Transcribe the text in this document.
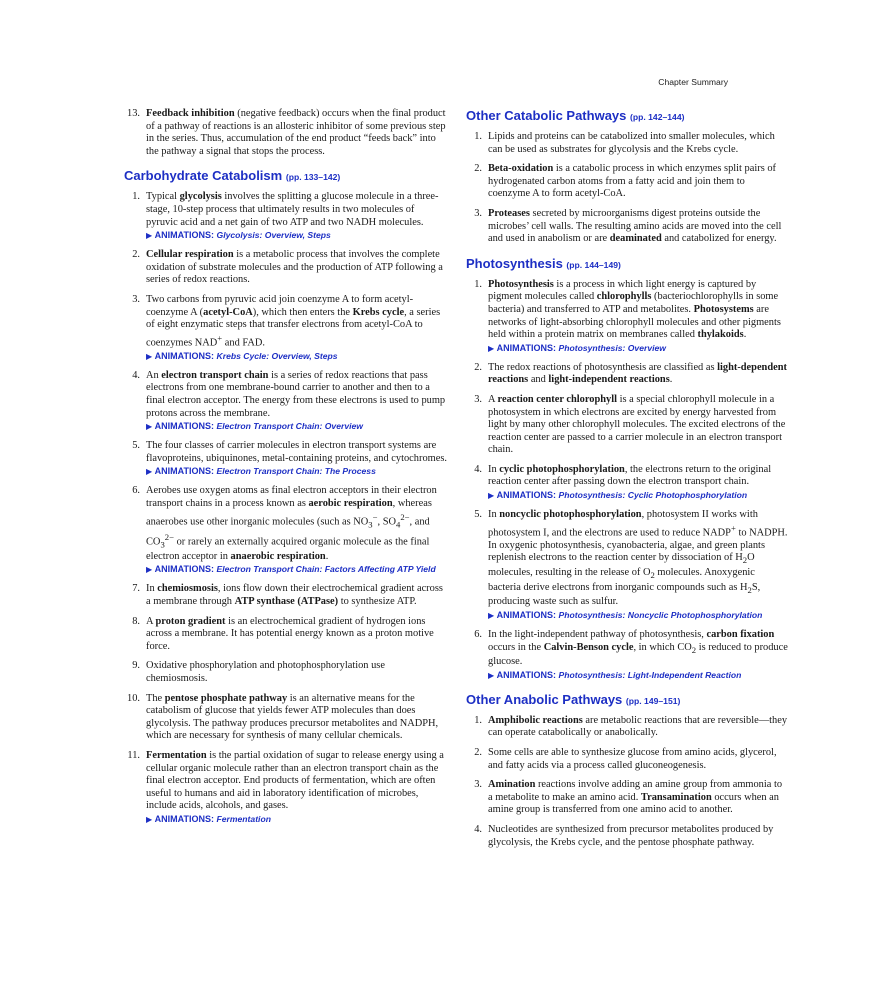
Chapter Summary
13. Feedback inhibition (negative feedback) occurs when the final product of a pathway of reactions is an allosteric inhibitor of some previous step in the series. Thus, accumulation of the end product “feeds back” into the pathway a signal that stops the process.
Carbohydrate Catabolism (pp. 133–142)
1. Typical glycolysis involves the splitting a glucose molecule in a three-stage, 10-step process that ultimately results in two molecules of pyruvic acid and a net gain of two ATP and two NADH molecules.
▶ ANIMATIONS: Glycolysis: Overview, Steps
2. Cellular respiration is a metabolic process that involves the complete oxidation of substrate molecules and the production of ATP following a series of redox reactions.
3. Two carbons from pyruvic acid join coenzyme A to form acetyl-coenzyme A (acetyl-CoA), which then enters the Krebs cycle, a series of eight enzymatic steps that transfer electrons from acetyl-CoA to coenzymes NAD+ and FAD.
▶ ANIMATIONS: Krebs Cycle: Overview, Steps
4. An electron transport chain is a series of redox reactions that pass electrons from one membrane-bound carrier to another and then to a final electron acceptor. The energy from these electrons is used to pump protons across the membrane.
▶ ANIMATIONS: Electron Transport Chain: Overview
5. The four classes of carrier molecules in electron transport systems are flavoproteins, ubiquinones, metal-containing proteins, and cytochromes.
▶ ANIMATIONS: Electron Transport Chain: The Process
6. Aerobes use oxygen atoms as final electron acceptors in their electron transport chains in a process known as aerobic respiration, whereas anaerobes use other inorganic molecules (such as $NO_3^-$, $SO_4^{2-}$, and $CO_3^{2-}$ or rarely an externally acquired organic molecule as the final electron acceptor in anaerobic respiration.
▶ ANIMATIONS: Electron Transport Chain: Factors Affecting ATP Yield
7. In chemiosmosis, ions flow down their electrochemical gradient across a membrane through ATP synthase (ATPase) to synthesize ATP.
8. A proton gradient is an electrochemical gradient of hydrogen ions across a membrane. It has potential energy known as a proton motive force.
9. Oxidative phosphorylation and photophosphorylation use chemiosmosis.
10. The pentose phosphate pathway is an alternative means for the catabolism of glucose that yields fewer ATP molecules than does glycolysis. The pathway produces precursor metabolites and NADPH, which are necessary for synthesis of many cellular chemicals.
11. Fermentation is the partial oxidation of sugar to release energy using a cellular organic molecule rather than an electron transport chain as the final electron acceptor. End products of fermentation, which are often useful to humans and aid in laboratory identification of microbes, include acids, alcohols, and gases.
▶ ANIMATIONS: Fermentation
Other Catabolic Pathways (pp. 142–144)
1. Lipids and proteins can be catabolized into smaller molecules, which can be used as substrates for glycolysis and the Krebs cycle.
2. Beta-oxidation is a catabolic process in which enzymes split pairs of hydrogenated carbon atoms from a fatty acid and join them to coenzyme A to form acetyl-CoA.
3. Proteases secreted by microorganisms digest proteins outside the microbes’ cell walls. The resulting amino acids are moved into the cell and used in anabolism or are deaminated and catabolized for energy.
Photosynthesis (pp. 144–149)
1. Photosynthesis is a process in which light energy is captured by pigment molecules called chlorophylls (bacteriochlorophylls in some bacteria) and transferred to ATP and metabolites. Photosystems are networks of light-absorbing chlorophyll molecules and other pigments held within a protein matrix on membranes called thylakoids.
▶ ANIMATIONS: Photosynthesis: Overview
2. The redox reactions of photosynthesis are classified as light-dependent reactions and light-independent reactions.
3. A reaction center chlorophyll is a special chlorophyll molecule in a photosystem in which electrons are excited by energy harvested from light by many other chlorophyll molecules. The excited electrons of the reaction center are passed to a carrier molecule in an electron transport chain.
4. In cyclic photophosphorylation, the electrons return to the original reaction center after passing down the electron transport chain.
▶ ANIMATIONS: Photosynthesis: Cyclic Photophosphorylation
5. In noncyclic photophosphorylation, photosystem II works with photosystem I, and the electrons are used to reduce NADP+ to NADPH. In oxygenic photosynthesis, cyanobacteria, algae, and green plants replenish electrons to the reaction center by dissociation of $H_2O$ molecules, resulting in the release of $O_2$ molecules. Anoxygenic bacteria derive electrons from inorganic compounds such as $H_2S$, producing waste such as sulfur.
▶ ANIMATIONS: Photosynthesis: Noncyclic Photophosphorylation
6. In the light-independent pathway of photosynthesis, carbon fixation occurs in the Calvin-Benson cycle, in which $CO_2$ is reduced to produce glucose.
▶ ANIMATIONS: Photosynthesis: Light-Independent Reaction
Other Anabolic Pathways (pp. 149–151)
1. Amphibolic reactions are metabolic reactions that are reversible—they can operate catabolically or anabolically.
2. Some cells are able to synthesize glucose from amino acids, glycerol, and fatty acids via a process called gluconeogenesis.
3. Amination reactions involve adding an amine group from ammonia to a metabolite to make an amino acid. Transamination occurs when an amine group is transferred from one amino acid to another.
4. Nucleotides are synthesized from precursor metabolites produced by glycolysis, the Krebs cycle, and the pentose phosphate pathway.
